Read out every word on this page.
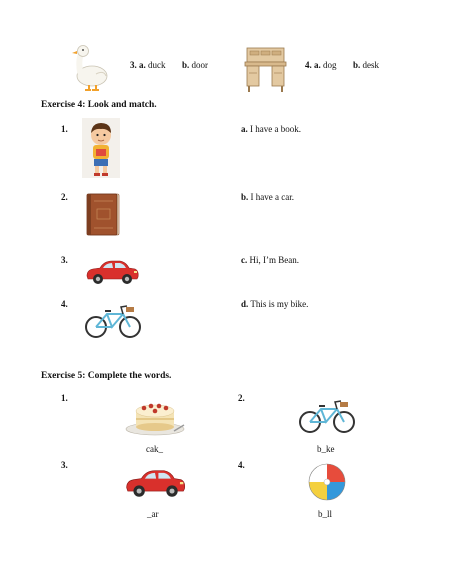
3. a. duck b. door	4. a. dog b. desk
Exercise 4: Look and match.
1.
2.
3.
4.
a. I have a book.
b. I have a car.
c. Hi, I’m Bean.
d. This is my bike.
Exercise 5: Complete the words.
1.	2.
3.	4.
cak_	b_ke
_ar	b_ll
